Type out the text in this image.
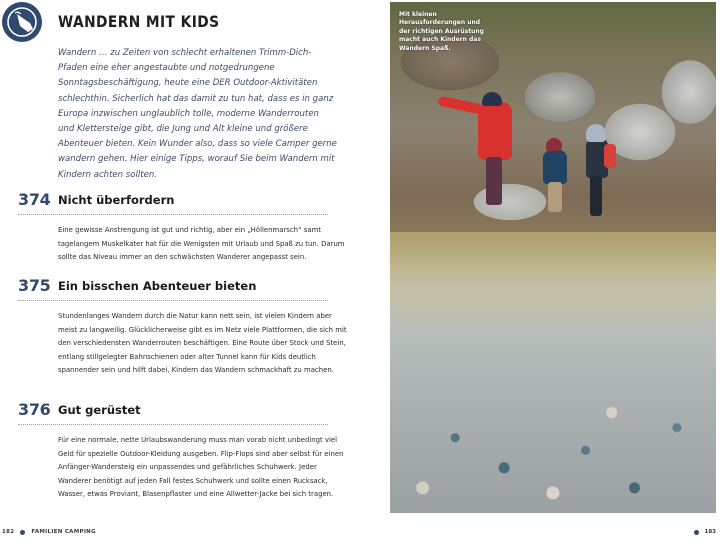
WANDERN MIT KIDS
Wandern … zu Zeiten von schlecht erhaltenen Trimm-Dich-Pfaden eine eher angestaubte und notgedrungene Sonntagsbeschäftigung, heute eine DER Outdoor-Aktivitäten schlechthin. Sicherlich hat das damit zu tun hat, dass es in ganz Europa inzwischen unglaublich tolle, moderne Wanderrouten und Klettersteige gibt, die Jung und Alt kleine und größere Abenteuer bieten. Kein Wunder also, dass so viele Camper gerne wandern gehen. Hier einige Tipps, worauf Sie beim Wandern mit Kindern achten sollten.
374 Nicht überfordern
Eine gewisse Anstrengung ist gut und richtig, aber ein „Höllenmarsch“ samt tagelangem Muskelkater hat für die Wenigsten mit Urlaub und Spaß zu tun. Darum sollte das Niveau immer an den schwächsten Wanderer angepasst sein.
375 Ein bisschen Abenteuer bieten
Stundenlanges Wandern durch die Natur kann nett sein, ist vielen Kindern aber meist zu langweilig. Glücklicherweise gibt es im Netz viele Plattformen, die sich mit den verschiedensten Wanderrouten beschäftigen. Eine Route über Stock und Stein, entlang stillgelegter Bahnschienen oder alter Tunnel kann für Kids deutlich spannender sein und hilft dabei, Kindern das Wandern schmackhaft zu machen.
376 Gut gerüstet
Für eine normale, nette Urlaubswanderung muss man vorab nicht unbedingt viel Geld für spezielle Outdoor-Kleidung ausgeben. Flip-Flops sind aber selbst für einen Anfänger-Wandersteig ein unpassendes und gefährliches Schuhwerk. Jeder Wanderer benötigt auf jeden Fall festes Schuhwerk und sollte einen Rucksack, Wasser, etwas Proviant, Blasenpflaster und eine Allwetter-Jacke bei sich tragen.
182	FAMILIEN CAMPING
Mit kleinen Herausforderungen und der richtigen Ausrüstung macht auch Kindern das Wandern Spaß.
183
